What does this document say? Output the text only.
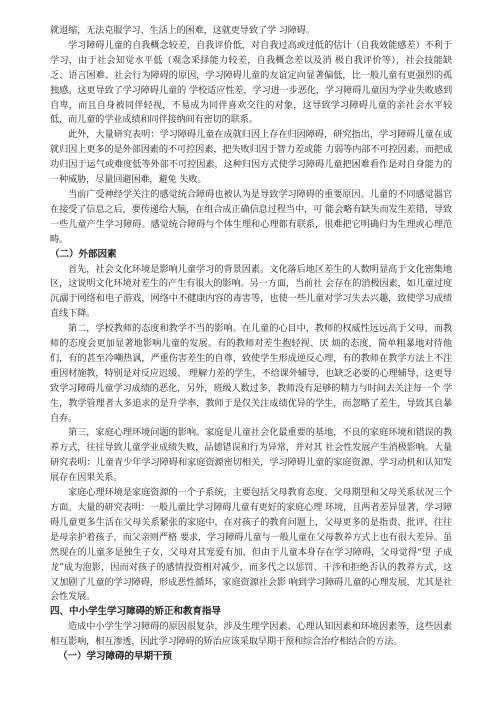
就退缩，无法克服学习、生活上的困难，这就更导致了学 习障碍。

学习障碍儿童的自我概念较差，自我评价低，对自我过高或过低的估计（自我效能感差）不利于学习，由于社会知觉水平低（观念采择能力较差，自我概念差以及消 极自我评价等），社会技能缺乏、语言困难、社会行为障碍的原因，学习障碍儿童的友谊定向显著偏低，比一般儿童有更强烈的孤独感。这更导致了学习障碍儿童的 学校适应性差，学习进一步恶化，学习障碍儿童因为学业失败感到自卑，而且自身被同伴轻视，不易成为同伴喜欢交往的对象，这导致学习障碍儿童的亲社会水平较 低，而儿童的学业成绩和同伴接纳间有密切的联系。

此外，大量研究表明：学习障碍儿童在成就归因上存在归因障碍，研究指出，学习障碍儿童在成就归因上更多的是外部因素的不可控因素，把失败归因于智力差或能 力弱等内部不可控因素，而把成功归因于运气或难度低等外部不可控因素，这种归因方式使学习障碍儿童把困难看作是对自身能力的一种威胁，尽量回避困难，避免 失败。

当前广受神经学关注的感觉统合障碍也被认为是导致学习障碍的重要原因。儿童的不同感觉器官在接受了信息之后，要传递给大脑，在组合成正确信息过程当中，可 能会略有缺失而发生差错，导致一些儿童产生学习障碍。感觉统合障碍与个体生理和心理都有联系，很难把它明确归为生理或心理范畴。

（二）外部因素

首先，社会文化环境是影响儿童学习的背景因素。文化落后地区差生的人数明显高于文化密集地区，这说明文化环境对差生的产生有很大的影响。另一方面，当前社 会存在的消极因素，如儿童过度沉溺于网络和电子游戏，网络中不健康内容的毒害等，也使一些儿童对学习失去兴趣，致使学习成绩直线下降。

第二，学校教师的态度和教学不当的影响。在儿童的心目中，教师的权威性远远高于父母，而教师的态度会更加显著地影响儿童的发展。有的教师对差生抱轻视、厌 烦的态度，简单粗暴地对待他们，有的甚至冷嘲热讽，严重伤害差生的自尊，致使学生形成逆反心理，有的教师在教学方法上不注重因材施教，特别是对反应迟缓、 理解力差的学生，不给课外辅导，也缺乏必要的心理辅导，这更导致学习障碍儿童学习成绩的恶化，另外，班级人数过多，教师没有足够的精力与时间去关注每一个 学生，教学管理者大多追求的是升学率，教师于是仅关注成绩优异的学生，而忽略了差生，导致其自暴自弃。

第三，家庭心理环境问题的影响。家庭是儿童社会化最重要的基地，不良的家庭环境和错误的教养方式，往往导致儿童学业成绩失败，品德错误和行为异常，并对其 社会性发展产生消极影响。大量研究表明：儿童青少年学习障碍和家庭资源密切相关，学习障碍儿童的家庭资源、学习动机和认知发展存在因果关系。

家庭心理环境是家庭资源的一个子系统，主要包括父母教育态度、父母期望和父母关系状况三个方面。大量的研究表明：一般儿童比学习障碍儿童有更好的家庭心理 环境，且两者差异显著，学习障碍儿童更多生活在父母关系紧张的家庭中，在对孩子的教育问题上，父母更多的是指责、批评，往往是母亲护着孩子，而父亲则严格 要求，学习障碍儿童与一般儿童在父母教养方式上也有很大差异。虽然现在的儿童多是独生子女，父母对其宠爱有加，但由于儿童本身存在学习障碍，父母觉得“望 子成龙”成为泡影，因而对孩子的感情投资相对减少，而多代之以惩罚、干涉和拒绝否认的教养方式，这又加剧了儿童的学习障碍，形成恶性循环，家庭资源社会影 响到学习障碍儿童的心理发展，尤其是社会性发展。

四、中小学生学习障碍的矫正和教育指导

造成中小学生学习障碍的原因很复杂，涉及生理学因素、心理认知因素和环境因素等，这些因素相互影响，相互渗透，因此学习障碍的矫治应该采取早期干预和综合治疗相结合的方法。

（一）学习障碍的早期干预
